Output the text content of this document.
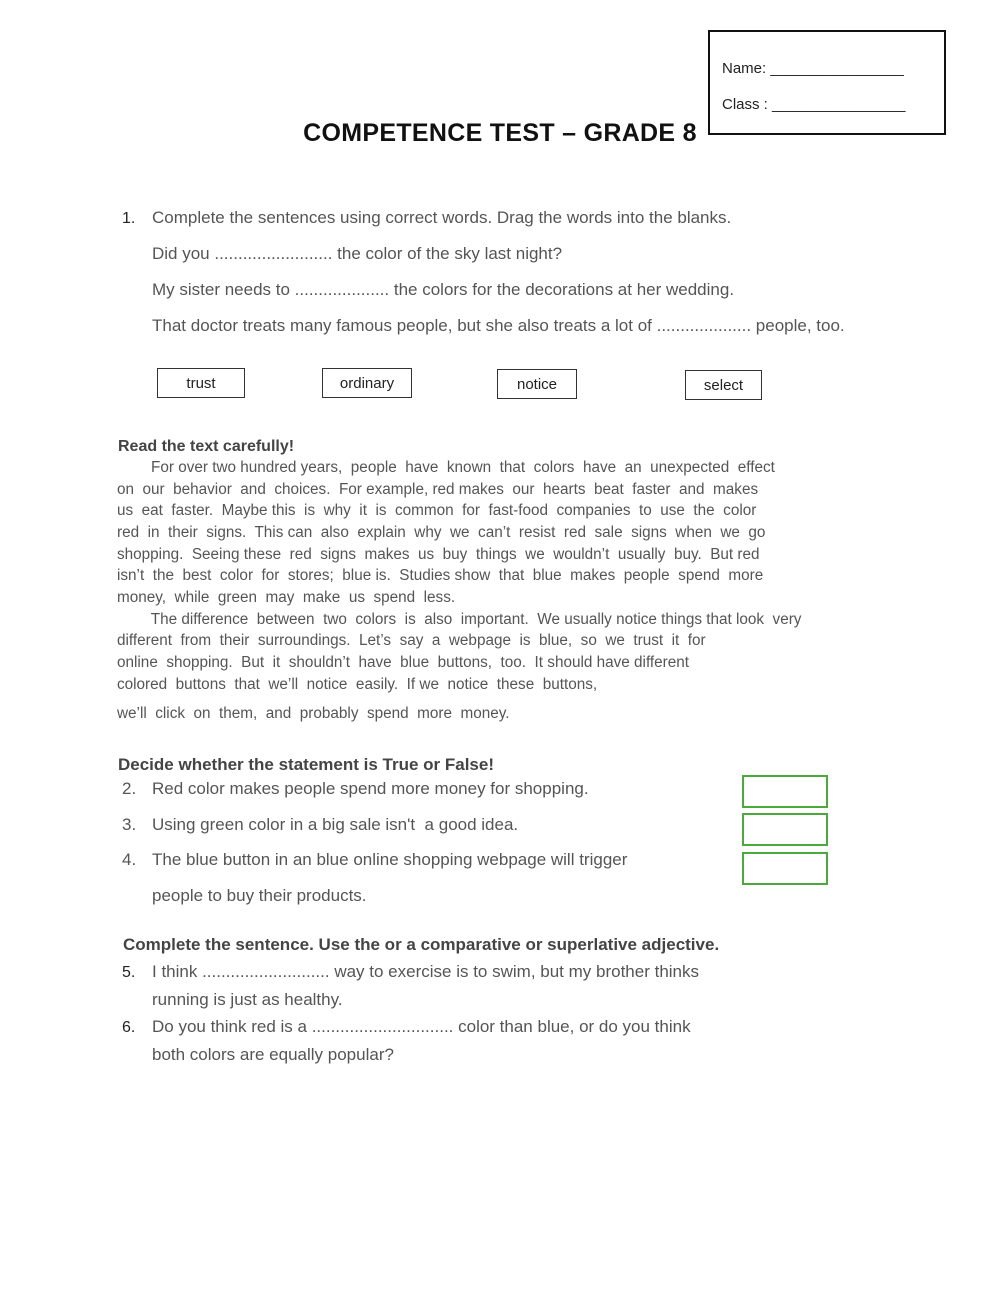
Name: ________________
Class : ________________
COMPETENCE TEST – GRADE 8
1. Complete the sentences using correct words. Drag the words into the blanks.
Did you ......................... the color of the sky last night?
My sister needs to .................... the colors for the decorations at her wedding.
That doctor treats many famous people, but she also treats a lot of .................... people, too.
trust	ordinary	notice	select
Read the text carefully!
For over two hundred years,  people  have  known  that  colors  have  an  unexpected  effect
on  our  behavior  and  choices.  For example, red makes  our  hearts  beat  faster  and  makes
us  eat  faster.  Maybe this  is  why  it  is  common  for  fast-food  companies  to  use  the  color
red  in  their  signs.  This can  also  explain  why  we  can’t  resist  red  sale  signs  when  we  go
shopping.  Seeing these  red  signs  makes  us  buy  things  we  wouldn’t  usually  buy.  But red
isn’t  the  best  color  for  stores;  blue is.  Studies show  that  blue  makes  people  spend  more
money,  while  green  may  make  us  spend  less.
The difference  between  two  colors  is  also  important.  We usually notice things that look  very
different  from  their  surroundings.  Let’s  say  a  webpage  is  blue,  so  we  trust  it  for
online  shopping.  But  it  shouldn’t  have  blue  buttons,  too.  It should have different
colored  buttons  that  we’ll  notice  easily.  If we  notice  these  buttons,
we’ll  click  on  them,  and  probably  spend  more  money.
Decide whether the statement is True or False!
2. Red color makes people spend more money for shopping.
3. Using green color in a big sale isn't  a good idea.
4. The blue button in an blue online shopping webpage will trigger
people to buy their products.
Complete the sentence. Use the or a comparative or superlative adjective.
5. I think ........................... way to exercise is to swim, but my brother thinks
running is just as healthy.
6. Do you think red is a .............................. color than blue, or do you think
both colors are equally popular?
